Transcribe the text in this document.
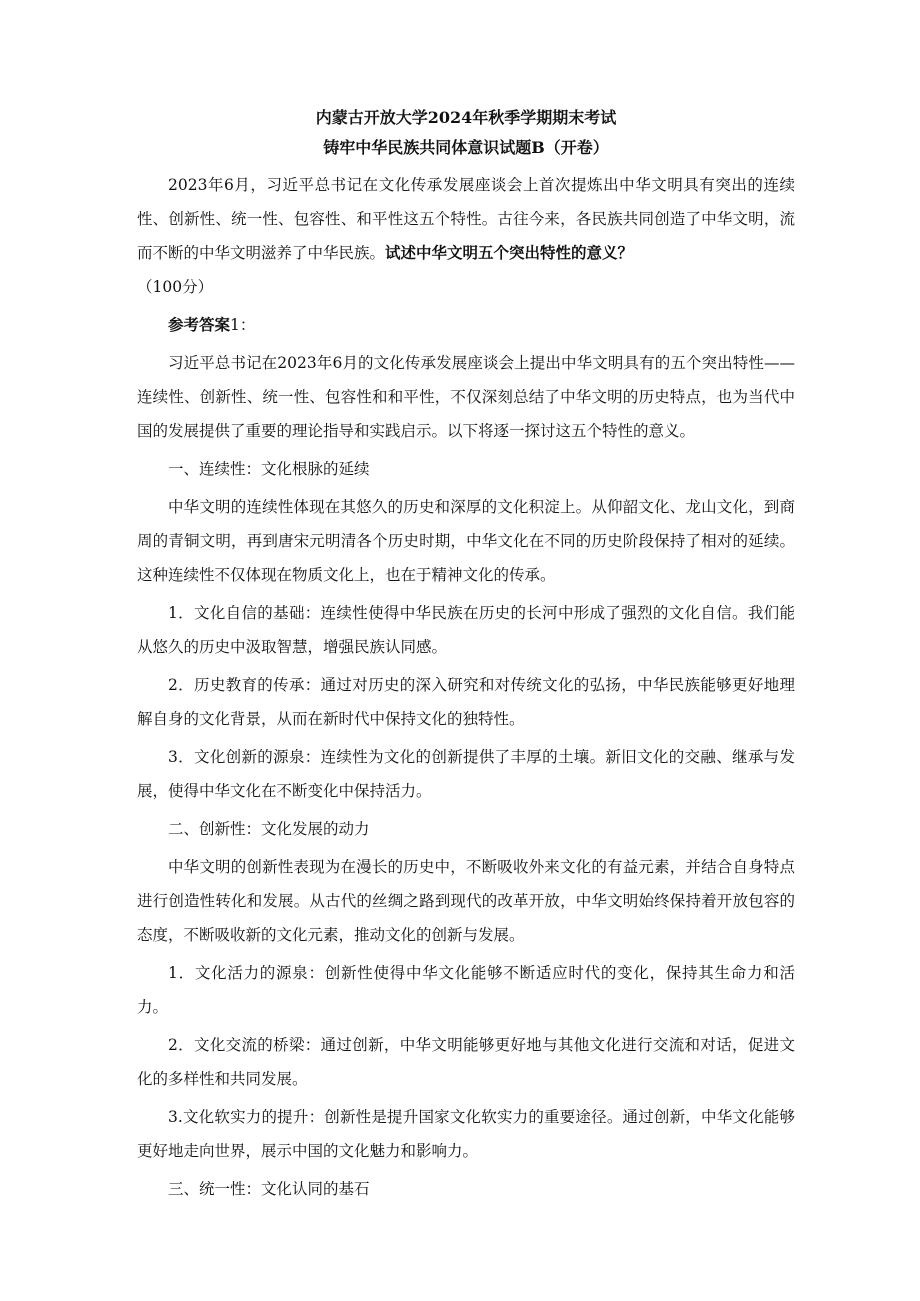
内蒙古开放大学2024年秋季学期期末考试
铸牢中华民族共同体意识试题B（开卷）

2023年6月，习近平总书记在文化传承发展座谈会上首次提炼出中华文明具有突出的连续性、创新性、统一性、包容性、和平性这五个特性。古往今来，各民族共同创造了中华文明，流而不断的中华文明滋养了中华民族。试述中华文明五个突出特性的意义？

（100分）

参考答案1：

习近平总书记在2023年6月的文化传承发展座谈会上提出中华文明具有的五个突出特性——连续性、创新性、统一性、包容性和和平性，不仅深刻总结了中华文明的历史特点，也为当代中国的发展提供了重要的理论指导和实践启示。以下将逐一探讨这五个特性的意义。

一、连续性：文化根脉的延续

中华文明的连续性体现在其悠久的历史和深厚的文化积淀上。从仰韶文化、龙山文化，到商周的青铜文明，再到唐宋元明清各个历史时期，中华文化在不同的历史阶段保持了相对的延续。这种连续性不仅体现在物质文化上，也在于精神文化的传承。

1．文化自信的基础：连续性使得中华民族在历史的长河中形成了强烈的文化自信。我们能从悠久的历史中汲取智慧，增强民族认同感。

2．历史教育的传承：通过对历史的深入研究和对传统文化的弘扬，中华民族能够更好地理解自身的文化背景，从而在新时代中保持文化的独特性。

3．文化创新的源泉：连续性为文化的创新提供了丰厚的土壤。新旧文化的交融、继承与发展，使得中华文化在不断变化中保持活力。

二、创新性：文化发展的动力

中华文明的创新性表现为在漫长的历史中，不断吸收外来文化的有益元素，并结合自身特点进行创造性转化和发展。从古代的丝绸之路到现代的改革开放，中华文明始终保持着开放包容的态度，不断吸收新的文化元素，推动文化的创新与发展。

1．文化活力的源泉：创新性使得中华文化能够不断适应时代的变化，保持其生命力和活力。

2．文化交流的桥梁：通过创新，中华文明能够更好地与其他文化进行交流和对话，促进文化的多样性和共同发展。

3.文化软实力的提升：创新性是提升国家文化软实力的重要途径。通过创新，中华文化能够更好地走向世界，展示中国的文化魅力和影响力。

三、统一性：文化认同的基石
